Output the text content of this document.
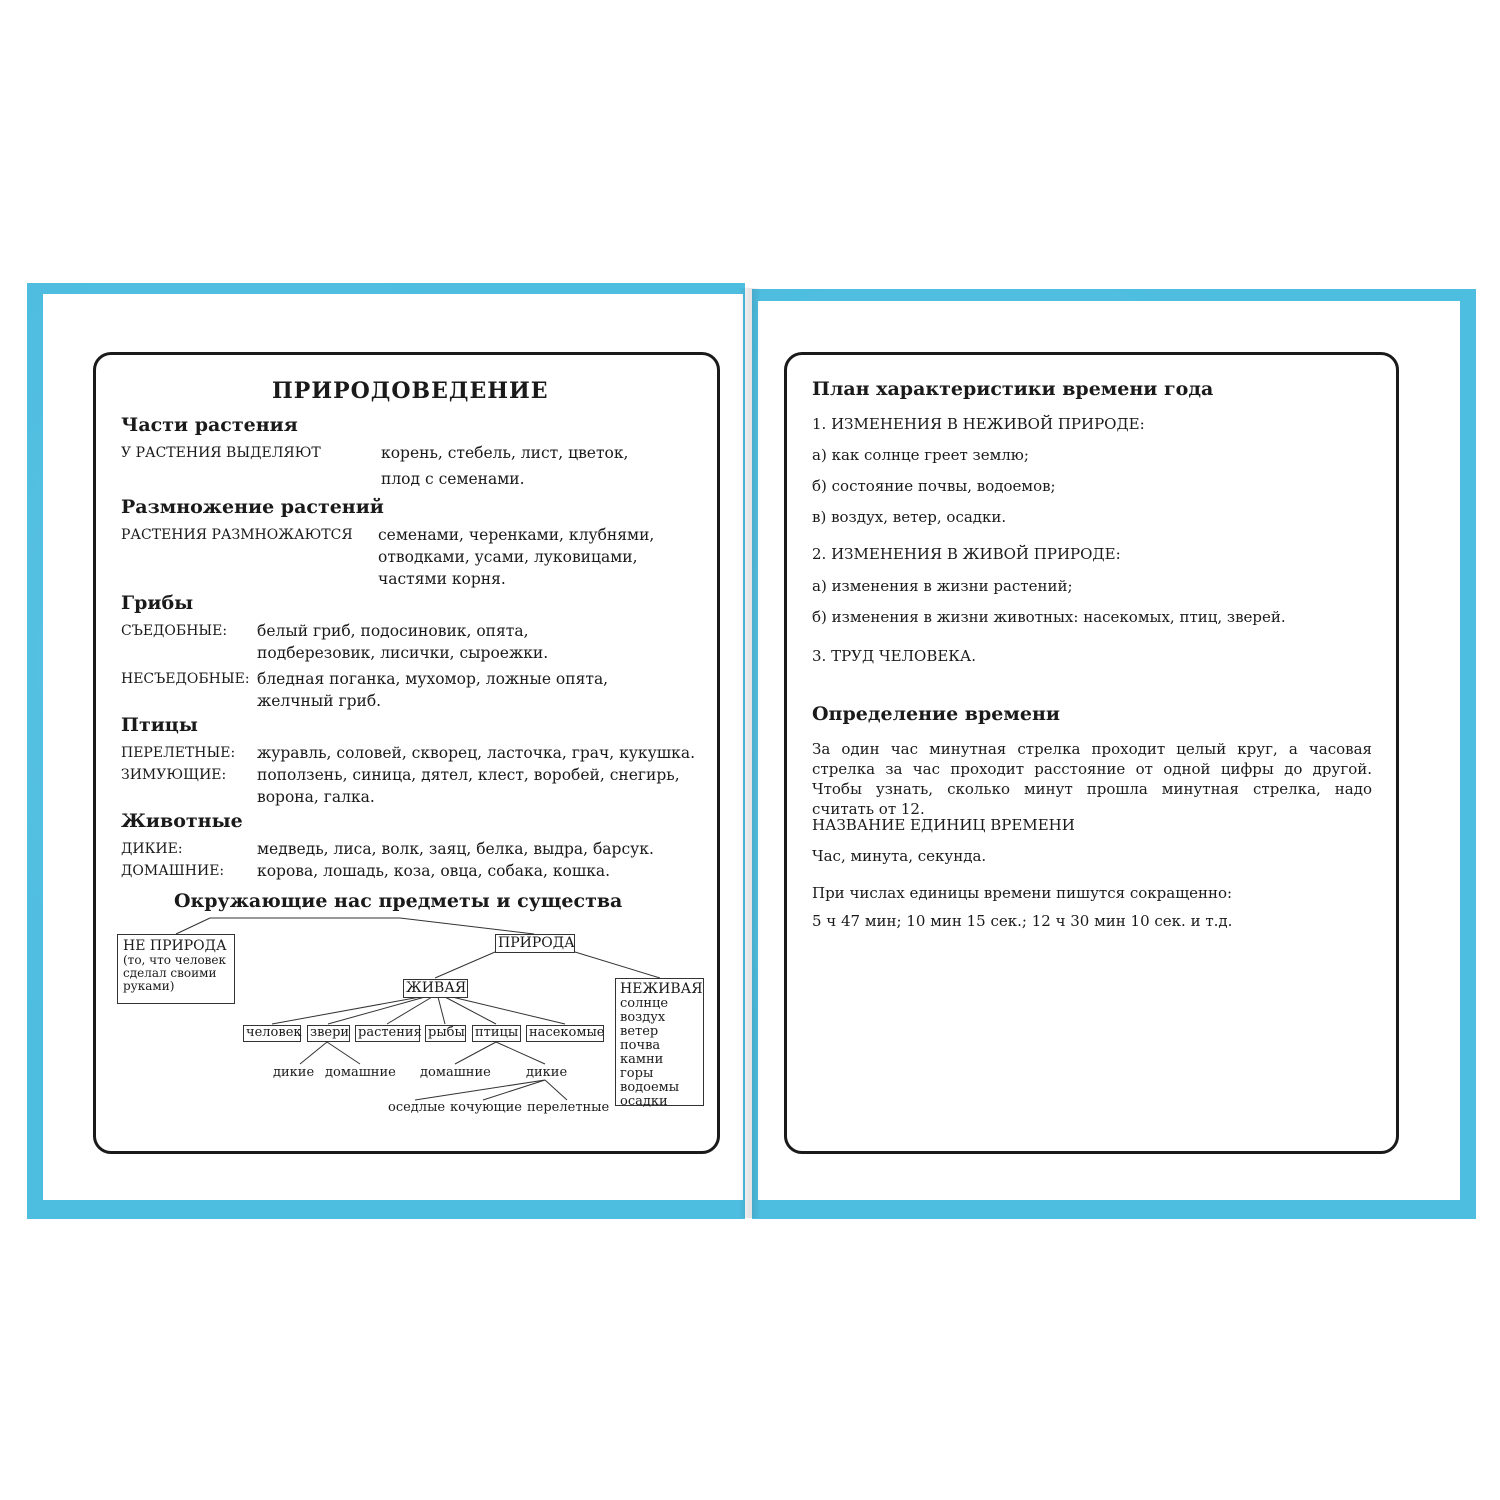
ПРИРОДОВЕДЕНИЕ
Части растения
У РАСТЕНИЯ ВЫДЕЛЯЮТ	корень, стебель, лист, цветок,
плод с семенами.
Размножение растений
РАСТЕНИЯ РАЗМНОЖАЮТСЯ семенами, черенками, клубнями,
отводками, усами, луковицами,
частями корня.
Грибы
СЪЕДОБНЫЕ: белый гриб, подосиновик, опята,
подберезовик, лисички, сыроежки.
НЕСЪЕДОБНЫЕ: бледная поганка, мухомор, ложные опята,
желчный гриб.
Птицы
ПЕРЕЛЕТНЫЕ: журавль, соловей, скворец, ласточка, грач, кукушка.
ЗИМУЮЩИЕ: поползень, синица, дятел, клест, воробей, снегирь,
ворона, галка.
Животные
ДИКИЕ:	медведь, лиса, волк, заяц, белка, выдра, барсук.
ДОМАШНИЕ: корова, лошадь, коза, овца, собака, кошка.
Окружающие нас предметы и существа
НЕ ПРИРОДА
(то, что человек сделал своими руками)
ПРИРОДА
ЖИВАЯ	НЕЖИВАЯ
солнце
воздух
ветер
почва
камни
горы
водоемы
осадки
человек звери растения рыбы птицы насекомые
дикие домашние домашние	дикие
оседлые кочующие перелетные
План характеристики времени года
1. ИЗМЕНЕНИЯ В НЕЖИВОЙ ПРИРОДЕ:
а) как солнце греет землю;
б) состояние почвы, водоемов;
в) воздух, ветер, осадки.
2. ИЗМЕНЕНИЯ В ЖИВОЙ ПРИРОДЕ:
а) изменения в жизни растений;
б) изменения в жизни животных: насекомых, птиц, зверей.
3. ТРУД ЧЕЛОВЕКА.
Определение времени
За один час минутная стрелка проходит целый круг, а часовая стрелка за час проходит расстояние от одной цифры до другой. Чтобы узнать, сколько минут прошла минутная стрелка, надо считать от 12.
НАЗВАНИЕ ЕДИНИЦ ВРЕМЕНИ
Час, минута, секунда.
При числах единицы времени пишутся сокращенно:
5 ч 47 мин; 10 мин 15 сек.; 12 ч 30 мин 10 сек. и т.д.
